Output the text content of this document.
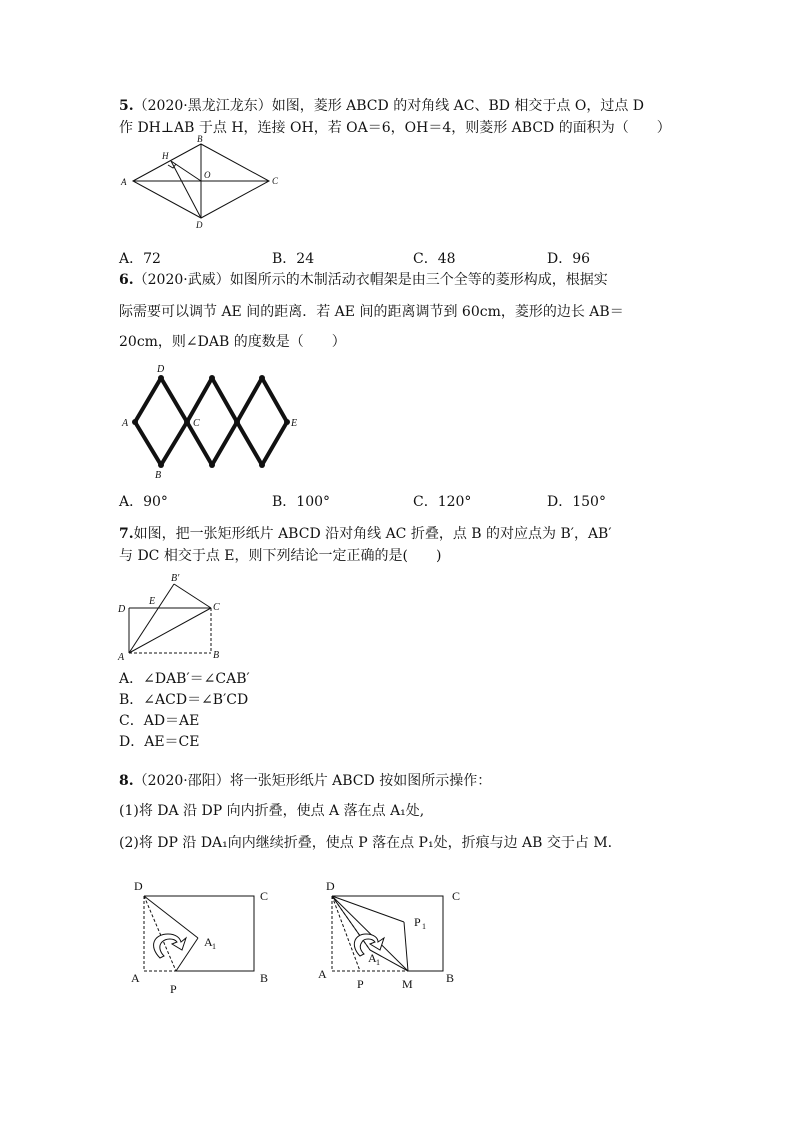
5.（2020·黑龙江龙东）如图，菱形 ABCD 的对角线 AC、BD 相交于点 O，过点 D
作 DH⊥AB 于点 H，连接 OH，若 OA＝6，OH＝4，则菱形 ABCD 的面积为（　　）
A
B
C
D
H
O
A．72	B．24	C．48	D．96
6.（2020·武威）如图所示的木制活动衣帽架是由三个全等的菱形构成，根据实
际需要可以调节 AE 间的距离．若 AE 间的距离调节到 60cm，菱形的边长 AB＝
20cm，则∠DAB 的度数是（　　）
A
D
B
C	E
A．90°	B．100°	C．120°	D．150°
7.如图，把一张矩形纸片 ABCD 沿对角线 AC 折叠，点 B 的对应点为 B′，AB′
与 DC 相交于点 E，则下列结论一定正确的是(　　)
D
A
C
B
E
B′
A．∠DAB′＝∠CAB′
B．∠ACD＝∠B′CD
C．AD＝AE
D．AE＝CE
8.（2020·邵阳）将一张矩形纸片 ABCD 按如图所示操作：
(1)将 DA 沿 DP 向内折叠，使点 A 落在点 A₁处,
(2)将 DP 沿 DA₁向内继续折叠，使点 P 落在点 P₁处，折痕与边 AB 交于占 M.
D
C
A
P
B
A 1
D
C
A
P	M	B
A 1
P 1
